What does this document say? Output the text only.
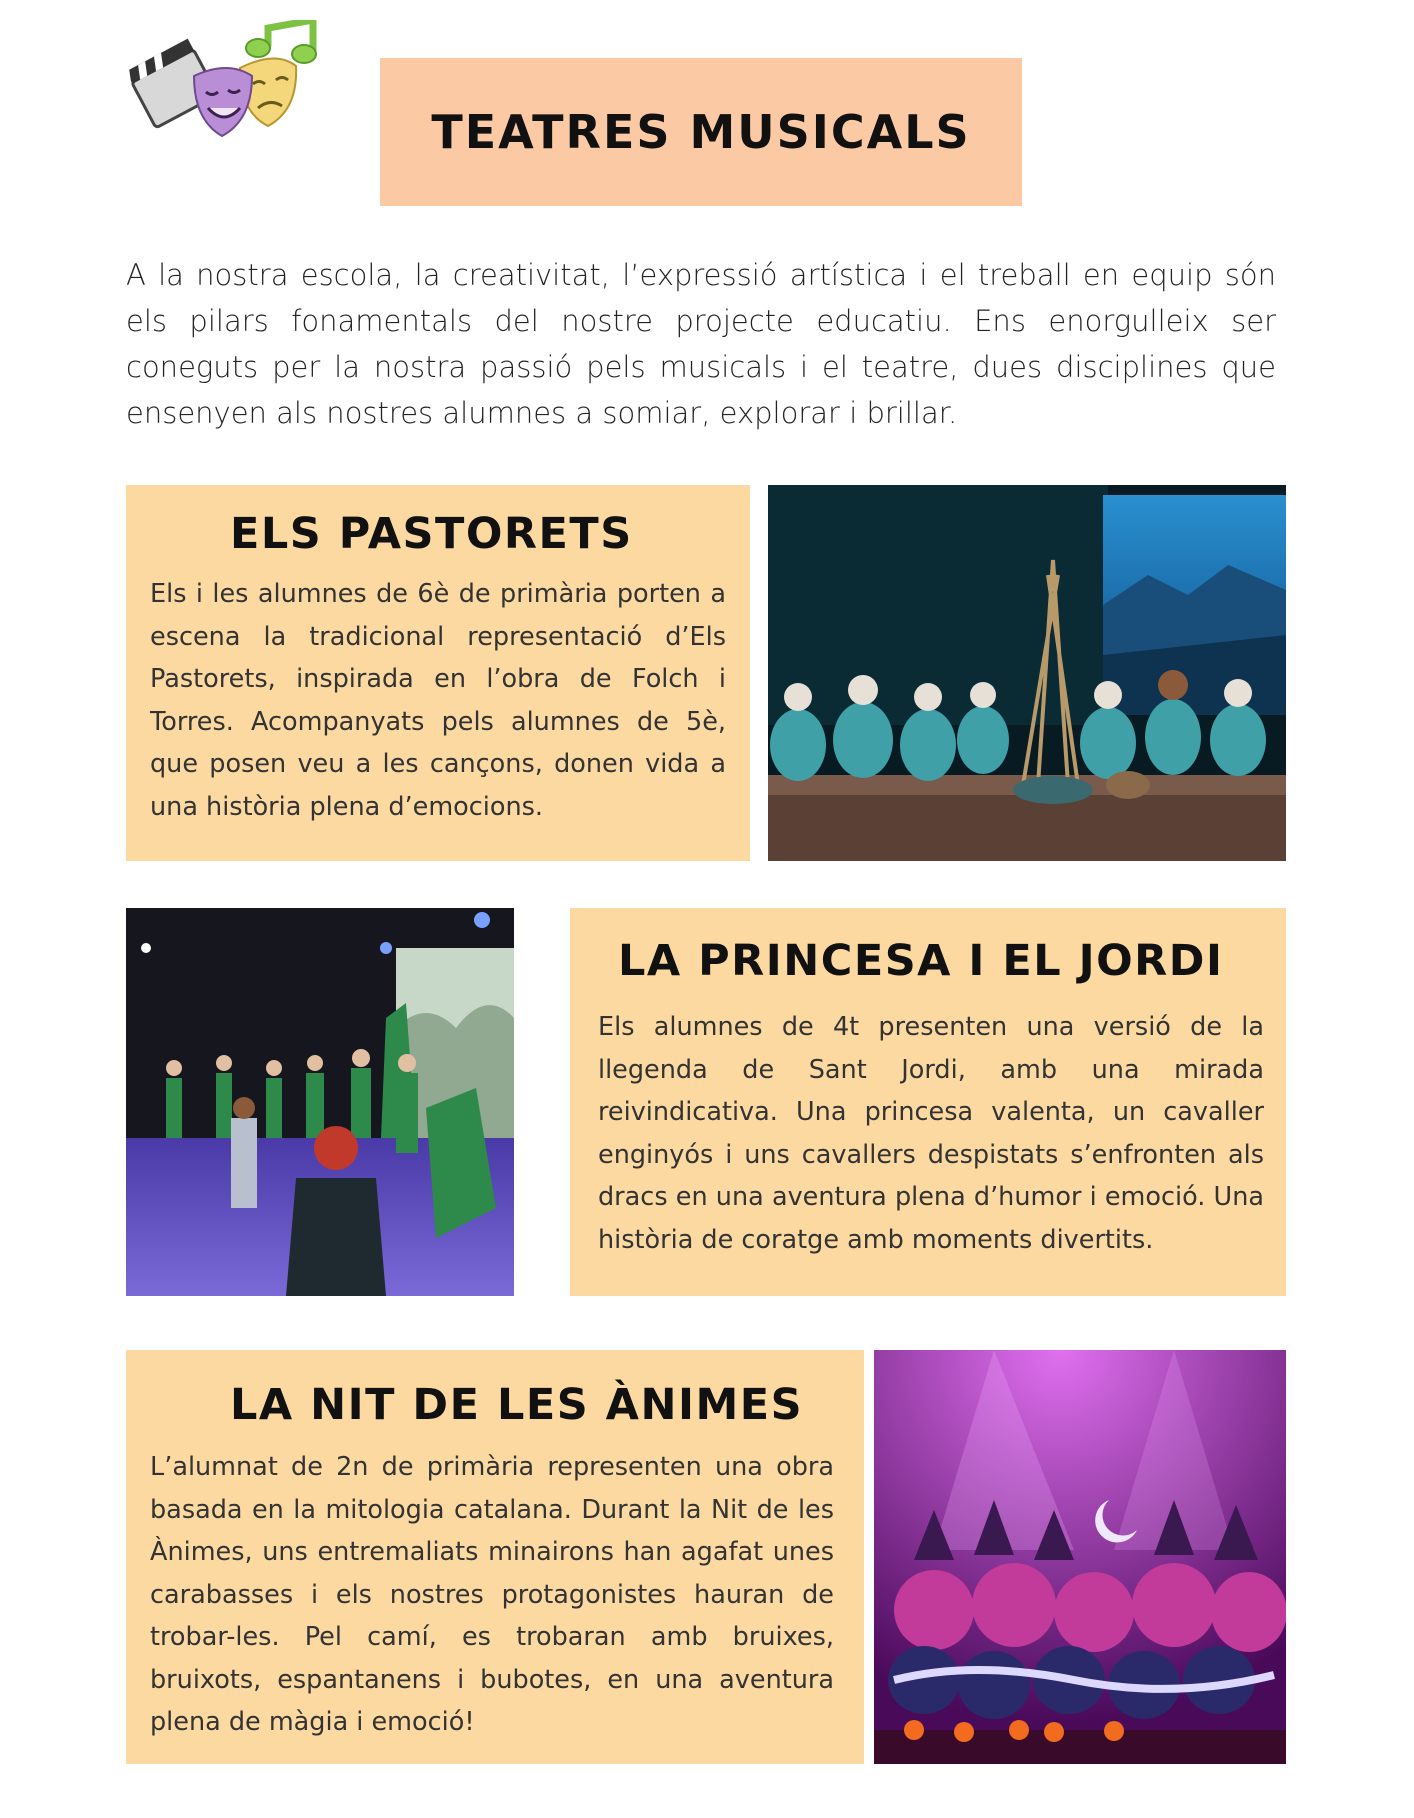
TEATRES MUSICALS

A la nostra escola, la creativitat, l’expressió artística i el treball en equip són els pilars fonamentals del nostre projecte educatiu. Ens enorgulleix ser coneguts per la nostra passió pels musicals i el teatre, dues disciplines que ensenyen als nostres alumnes a somiar, explorar i brillar.

ELS PASTORETS

Els i les alumnes de 6è de primària porten a escena la tradicional representació d’Els Pastorets, inspirada en l’obra de Folch i Torres. Acompanyats pels alumnes de 5è, que posen veu a les cançons, donen vida a una història plena d’emocions.

LA PRINCESA I EL JORDI

Els alumnes de 4t presenten una versió de la llegenda de Sant Jordi, amb una mirada reivindicativa. Una princesa valenta, un cavaller enginyós i uns cavallers despistats s’enfronten als dracs en una aventura plena d’humor i emoció. Una història de coratge amb moments divertits.

LA NIT DE LES ÀNIMES

L’alumnat de 2n de primària representen una obra basada en la mitologia catalana. Durant la Nit de les Ànimes, uns entremaliats minairons han agafat unes carabasses i els nostres protagonistes hauran de trobar-les. Pel camí, es trobaran amb bruixes, bruixots, espantanens i bubotes, en una aventura plena de màgia i emoció!
